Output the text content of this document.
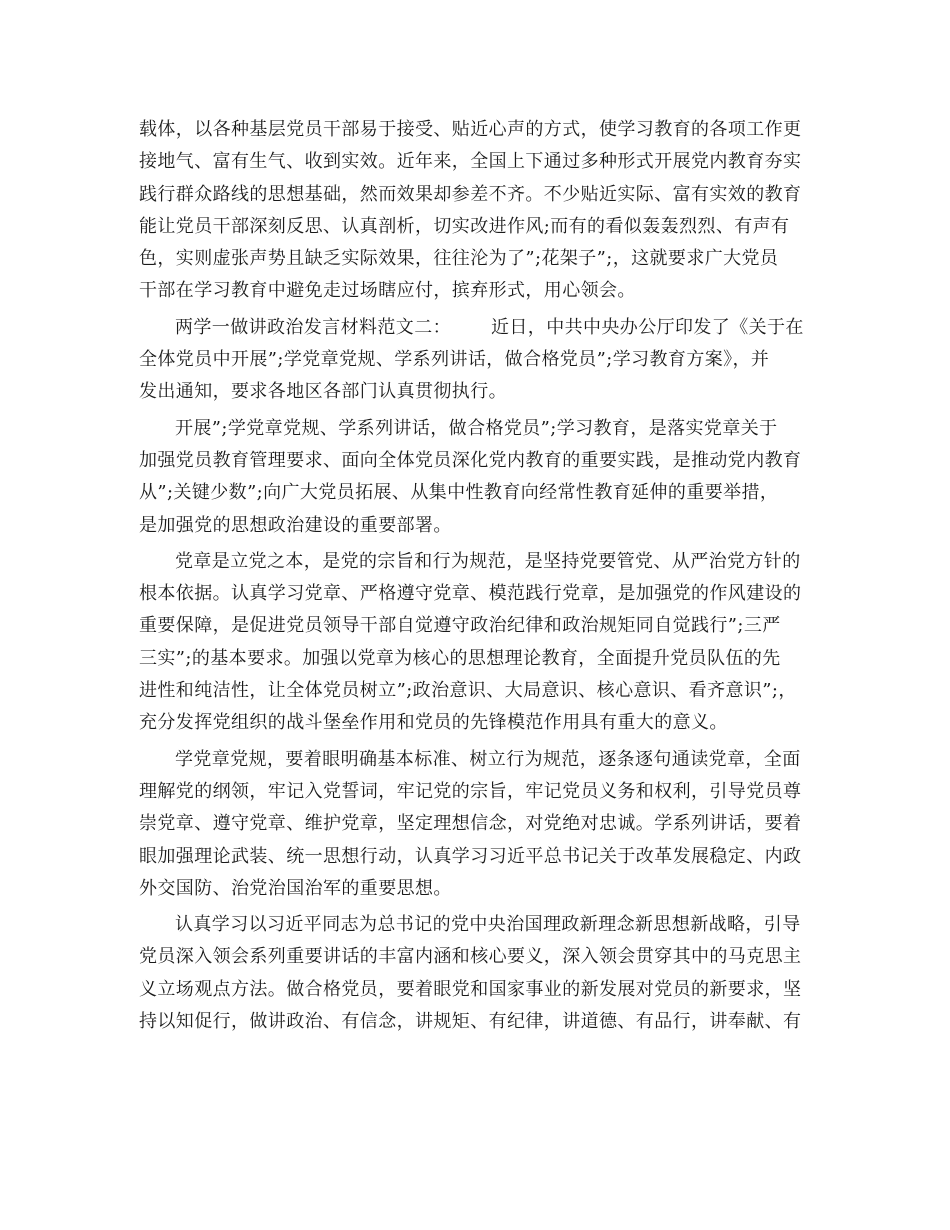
载体，以各种基层党员干部易于接受、贴近心声的方式，使学习教育的各项工作更
接地气、富有生气、收到实效。近年来，全国上下通过多种形式开展党内教育夯实
践行群众路线的思想基础，然而效果却参差不齐。不少贴近实际、富有实效的教育
能让党员干部深刻反思、认真剖析，切实改进作风;而有的看似轰轰烈烈、有声有
色，实则虚张声势且缺乏实际效果，往往沦为了”;花架子”;，这就要求广大党员
干部在学习教育中避免走过场瞎应付，摈弃形式，用心领会。
两学一做讲政治发言材料范文二： 近日，中共中央办公厅印发了《关于在
全体党员中开展”;学党章党规、学系列讲话，做合格党员”;学习教育方案》，并
发出通知，要求各地区各部门认真贯彻执行。
开展”;学党章党规、学系列讲话，做合格党员”;学习教育，是落实党章关于
加强党员教育管理要求、面向全体党员深化党内教育的重要实践，是推动党内教育
从”;关键少数”;向广大党员拓展、从集中性教育向经常性教育延伸的重要举措，
是加强党的思想政治建设的重要部署。
党章是立党之本，是党的宗旨和行为规范，是坚持党要管党、从严治党方针的
根本依据。认真学习党章、严格遵守党章、模范践行党章，是加强党的作风建设的
重要保障，是促进党员领导干部自觉遵守政治纪律和政治规矩同自觉践行”;三严
三实”;的基本要求。加强以党章为核心的思想理论教育，全面提升党员队伍的先
进性和纯洁性，让全体党员树立”;政治意识、大局意识、核心意识、看齐意识”;，
充分发挥党组织的战斗堡垒作用和党员的先锋模范作用具有重大的意义。
学党章党规，要着眼明确基本标准、树立行为规范，逐条逐句通读党章，全面
理解党的纲领，牢记入党誓词，牢记党的宗旨，牢记党员义务和权利，引导党员尊
崇党章、遵守党章、维护党章，坚定理想信念，对党绝对忠诚。学系列讲话，要着
眼加强理论武装、统一思想行动，认真学习习近平总书记关于改革发展稳定、内政
外交国防、治党治国治军的重要思想。
认真学习以习近平同志为总书记的党中央治国理政新理念新思想新战略，引导
党员深入领会系列重要讲话的丰富内涵和核心要义，深入领会贯穿其中的马克思主
义立场观点方法。做合格党员，要着眼党和国家事业的新发展对党员的新要求，坚
持以知促行，做讲政治、有信念，讲规矩、有纪律，讲道德、有品行，讲奉献、有
